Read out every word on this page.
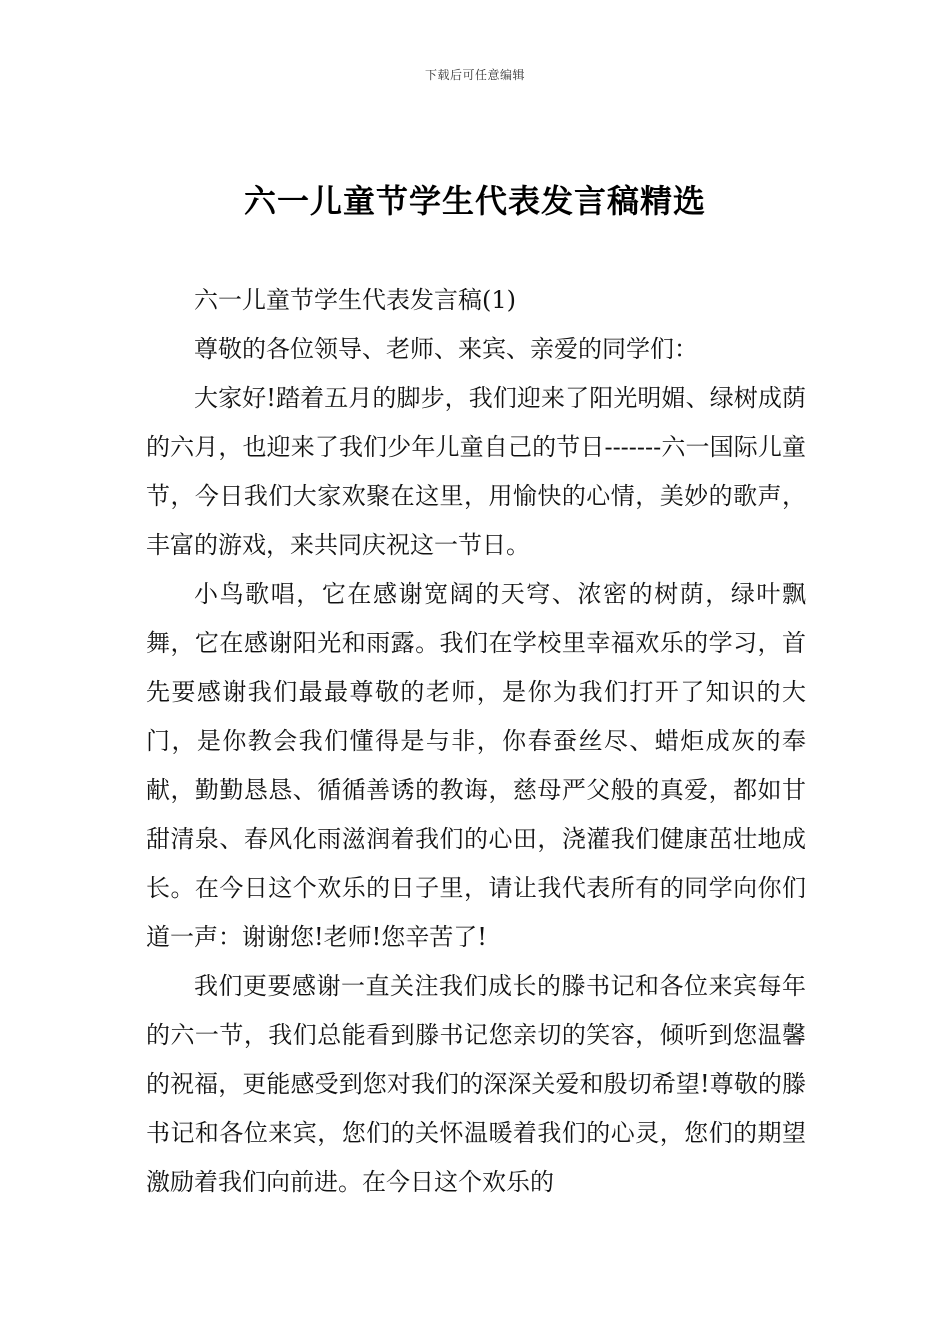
下载后可任意编辑
六一儿童节学生代表发言稿精选

六一儿童节学生代表发言稿(1)

尊敬的各位领导、老师、来宾、亲爱的同学们：

大家好!踏着五月的脚步，我们迎来了阳光明媚、绿树成荫的六月，也迎来了我们少年儿童自己的节日-------六一国际儿童节，今日我们大家欢聚在这里，用愉快的心情，美妙的歌声，丰富的游戏，来共同庆祝这一节日。

小鸟歌唱，它在感谢宽阔的天穹、浓密的树荫，绿叶飘舞，它在感谢阳光和雨露。我们在学校里幸福欢乐的学习，首先要感谢我们最最尊敬的老师，是你为我们打开了知识的大门，是你教会我们懂得是与非，你春蚕丝尽、蜡炬成灰的奉献，勤勤恳恳、循循善诱的教诲，慈母严父般的真爱，都如甘甜清泉、春风化雨滋润着我们的心田，浇灌我们健康茁壮地成长。在今日这个欢乐的日子里，请让我代表所有的同学向你们道一声：谢谢您!老师!您辛苦了!

我们更要感谢一直关注我们成长的滕书记和各位来宾每年的六一节，我们总能看到滕书记您亲切的笑容，倾听到您温馨的祝福，更能感受到您对我们的深深关爱和殷切希望!尊敬的滕书记和各位来宾，您们的关怀温暖着我们的心灵，您们的期望激励着我们向前进。在今日这个欢乐的
